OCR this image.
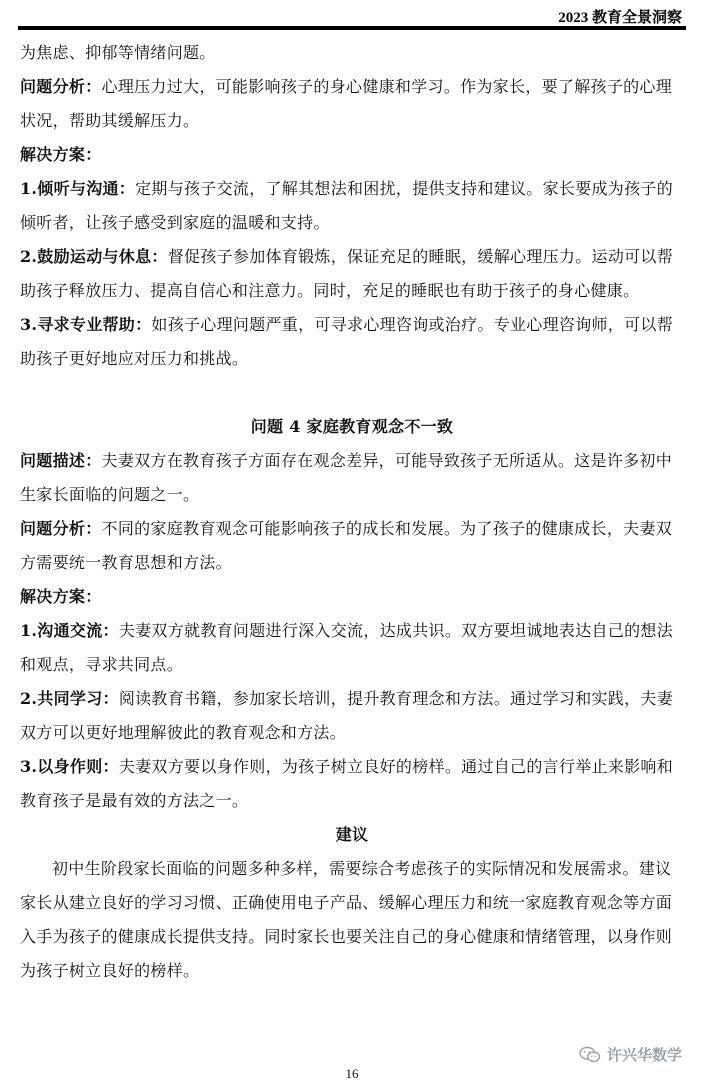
2023 教育全景洞察

为焦虑、抑郁等情绪问题。

问题分析：心理压力过大，可能影响孩子的身心健康和学习。作为家长，要了解孩子的心理状况，帮助其缓解压力。

解决方案：

1.倾听与沟通：定期与孩子交流，了解其想法和困扰，提供支持和建议。家长要成为孩子的倾听者，让孩子感受到家庭的温暖和支持。

2.鼓励运动与休息：督促孩子参加体育锻炼，保证充足的睡眠，缓解心理压力。运动可以帮助孩子释放压力、提高自信心和注意力。同时，充足的睡眠也有助于孩子的身心健康。

3.寻求专业帮助：如孩子心理问题严重，可寻求心理咨询或治疗。专业心理咨询师，可以帮助孩子更好地应对压力和挑战。

问题 4 家庭教育观念不一致

问题描述：夫妻双方在教育孩子方面存在观念差异，可能导致孩子无所适从。这是许多初中生家长面临的问题之一。

问题分析：不同的家庭教育观念可能影响孩子的成长和发展。为了孩子的健康成长，夫妻双方需要统一教育思想和方法。

解决方案：

1.沟通交流：夫妻双方就教育问题进行深入交流，达成共识。双方要坦诚地表达自己的想法和观点，寻求共同点。

2.共同学习：阅读教育书籍，参加家长培训，提升教育理念和方法。通过学习和实践，夫妻双方可以更好地理解彼此的教育观念和方法。

3.以身作则：夫妻双方要以身作则，为孩子树立良好的榜样。通过自己的言行举止来影响和教育孩子是最有效的方法之一。

建议

初中生阶段家长面临的问题多种多样，需要综合考虑孩子的实际情况和发展需求。建议家长从建立良好的学习习惯、正确使用电子产品、缓解心理压力和统一家庭教育观念等方面入手为孩子的健康成长提供支持。同时家长也要关注自己的身心健康和情绪管理，以身作则为孩子树立良好的榜样。

许兴华数学
16
